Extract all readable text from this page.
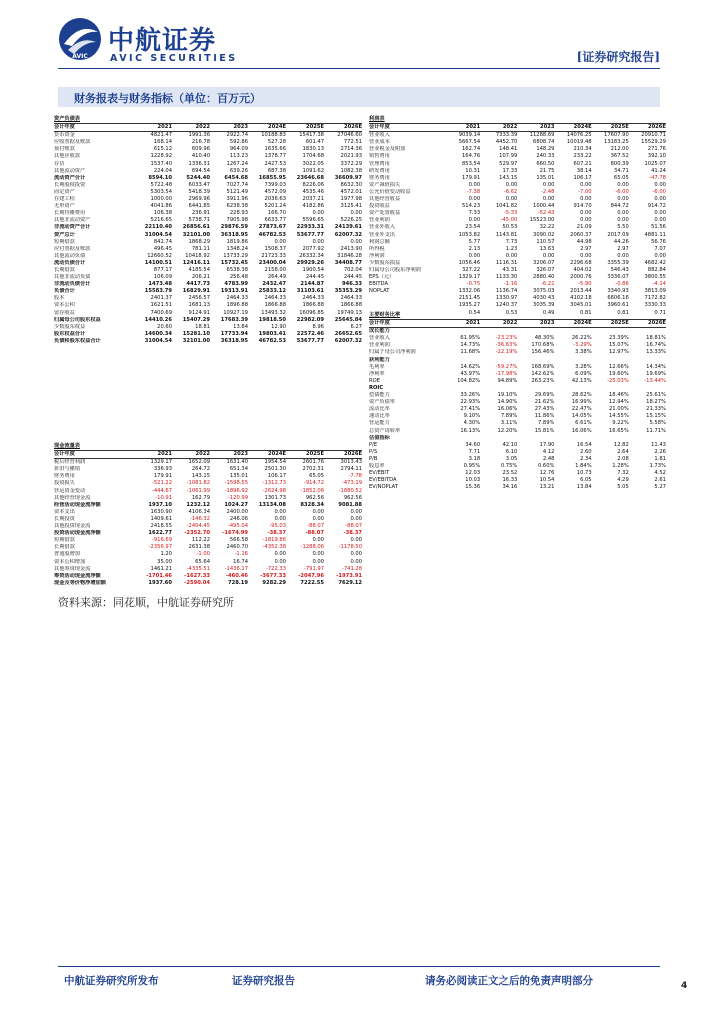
AVIC
中航证券
AVIC SECURITIES	[证券研究报告]
财务报表与财务指标（单位：百万元）
资产负债表
会计年度	2021	2022	2023	2024E	2025E	2026E
货币资金	4821.47	1991.36	2922.74	10188.83	15417.38	27046.60
应收票据及账款	168.14	216.78	592.86	527.28	601.47	772.51
预付账款	615.12	609.96	964.09	1635.66	1830.13	2714.36
其他应收款	1228.92	410.40	113.23	1378.77	1704.68	2021.93
存货	1537.40	1336.31	1267.24	2427.53	3022.05	3372.29
其他流动资产	224.04	694.54	639.26	687.38	1091.62	1082.38
流动资产合计	8594.10	5244.40	6454.68	16855.95	23646.68	36609.97
长期股权投资	5722.48	6033.47	7027.74	7399.03	8226.06	8632.30
固定资产	5303.54	5418.39	5121.49	4572.09	4535.46	4572.01
在建工程	1000.00	2969.96	3911.96	2036.63	2037.21	1977.98
无形资产	4041.86	6441.85	6238.38	5201.24	4182.86	3125.41
长期待摊费用	106.38	236.91	228.93	166.70	0.00	0.00
其他非流动资产	5216.65	5738.71	7905.98	6633.77	5596.65	5226.25
非流动资产合计	22110.40	26856.61	29876.59	27873.67	22933.31	24139.61
资产总计	31004.54	32101.00	36318.95	46782.53	53677.77	62007.32
短期借款	842.74	1868.29	1819.86	0.00	0.00	0.00
应付票据及账款	496.45	781.11	1348.24	1508.37	2077.92	2413.90
其他流动负债	12660.52	10418.92	13733.29	21723.33	26332.34	31846.28
流动负债合计	14100.51	12416.11	15732.45	23400.04	29929.26	34408.77
长期借款	877.17	4185.54	6538.38	2158.00	1900.54	702.04
其他非流动负债	106.09	206.21	256.48	264.49	244.45	244.45
非流动负债合计	1473.48	4417.73	4783.99	2432.47	2144.87	946.33
负债合计	15583.79	16829.91	19313.91	25833.12	31103.61	35353.29
股本	2401.37	2456.57	2464.33	2464.33	2464.33	2464.33
资本公积	1621.51	1681.13	1896.88	1866.88	1866.88	1866.88
留存收益	7400.69	9124.91	10927.19	13493.32	16096.85	19749.13
归属母公司股东权益	14410.26	15407.29	17683.39	19818.50	22982.09	25645.84
少数股东权益	20.60	18.81	13.84	12.90	8.96	6.27
股东权益合计	14600.34	15281.10	17733.94	19803.41	22572.46	26652.65
负债和股东权益合计	31004.54	32101.00	36318.95	46782.53	53677.77	62007.32
现金流量表
会计年度	2021	2022	2023	2024E	2025E	2026E
税后经营利润	1329.17	1652.09	1631.40	1954.54	2601.76	3013.43
折旧与摊销	336.93	264.72	651.34	2501.30	2702.31	2794.11
财务费用	179.91	143.15	135.01	106.17	65.05	-7.78
投资损失	-521.22	-1081.82	-1598.55	-1312.73	-914.72	-473.19
营运资金变动	-444.67	-1061.99	-1896.92	-2624.98	-1852.06	-1880.52
其他经营现金流	-10.91	162.79	-120.99	1301.73	962.56	962.56
经营活动现金流净额	1937.10	1232.12	1024.27	13134.08	8328.34	9081.88
资本支出	1630.90	4106.34	2400.00	0.00	0.00	0.00
长期投资	1409.61	-146.32	246.06	0.00	0.00	0.00
其他投资现金流	2418.55	-2404.45	-495.04	-95.03	-88.07	-88.07
投资活动现金流净额	1622.77	-2352.70	-1674.99	-38.37	-88.07	-38.37
短期借款	-916.69	112.22	566.58	-1819.86	0.00	0.00
长期借款	-2356.97	2631.38	2460.70	-4352.38	-1288.06	-1178.50
普通股增加	1.20	-1.00	-1.16	0.00	0.00	0.00
资本公积增加	35.00	65.64	16.74	0.00	0.00	0.00
其他筹资现金流	1461.21	-4335.51	-1436.17	-722.33	-791.97	-741.28
筹资活动现金流净额	-1701.46	-1627.33	-460.46	-3677.33	-2047.96	-1973.91
现金及等价物净增加额	1937.60	-2590.04	728.19	9282.29	7222.55	7629.12
利润表
会计年度	2021	2022	2023	2024E	2025E	2026E
营业收入	9039.14	7333.39	11288.69	14076.25	17607.90	20910.71
营业成本	5667.54	4452.70	6808.74	10019.48	13183.25	15529.29
营业税金及附加	162.74	148.41	148.29	210.34	212.00	271.76
销售费用	164.76	107.99	240.33	233.22	367.52	392.10
管理费用	853.54	529.97	660.50	607.21	800.39	1025.07
研发费用	10.31	17.33	21.75	38.14	34.71	41.24
财务费用	179.91	143.15	135.01	106.17	65.05	-47.78
资产减值损失	0.00	0.00	0.00	0.00	0.00	0.00
公允价值变动收益	-7.38	-6.62	-2.48	-7.00	-6.00	-6.00
其他经营收益	0.00	0.00	0.00	0.00	0.00	0.00
投资收益	514.23	1041.82	1000.44	914.70	844.72	914.72
资产处置收益	7.33	-5.33	-52.43	0.00	0.00	0.00
营业利润	0.00	-45.00	15523.00	0.00	0.00	0.00
营业外收入	23.54	50.53	32.22	21.09	5.50	51.56
营业外支出	1053.82	1143.81	3090.02	2060.37	2017.09	4881.11
利润总额	5.77	7.73	110.57	44.98	44.26	56.76
所得税	2.13	1.23	13.63	2.97	2.97	7.07
净利润	0.00	0.00	0.00	0.00	0.00	0.00
少数股东损益	1056.46	1116.31	3206.07	2296.68	3355.39	4682.42
归属母公司股东净利润	327.22	43.31	326.07	404.02	546.43	882.84
EPS（元）	1329.17	1133.30	2880.40	2000.76	3336.07	3800.55
EBITDA	-0.75	-1.16	-6.22	-5.90	-0.86	-4.14
NOPLAT	1332.06	1136.74	3075.03	2013.44	3340.93	3813.09
2151.45	1330.97	4030.43	4102.18	6606.16	7172.82
1935.27	1240.37	3035.39	3045.01	3960.61	3330.33
0.54	0.53	0.49	0.81	0.81	0.71
主要财务比率
会计年度	2021	2022	2023	2024E	2025E	2026E
成长能力
营业收入	61.95%	-23.23%	48.30%	26.22%	23.39%	18.81%
营业利润	14.73%	-36.63%	170.68%	-3.29%	15.07%	16.74%
归属于母公司净利润	11.68%	-22.19%	156.46%	3.38%	12.97%	13.33%
获利能力
毛利率	14.62%	-59.27%	168.69%	3.28%	12.66%	14.34%
净利率	43.97%	-17.98%	142.62%	6.09%	19.60%	19.69%
ROE	104.82%	94.89%	263.23%	42.13%	-25.03%	-13.44%
ROIC
偿债能力	33.26%	19.10%	29.69%	28.62%	18.46%	25.61%
资产负债率	22.93%	14.90%	21.62%	16.99%	12.94%	18.27%
流动比率	27.41%	16.06%	27.43%	22.47%	21.00%	21.33%
速动比率	9.10%	7.89%	11.86%	14.05%	14.55%	15.15%
营运能力	4.30%	3.11%	7.89%	6.61%	9.22%	5.58%
总资产周转率	16.13%	12.20%	15.81%	16.06%	16.65%	11.71%
估值指标
P/E	34.60	42.10	17.90	16.54	12.82	11.43
P/S	7.71	6.10	4.12	2.60	2.64	2.26
P/B	3.18	3.05	2.48	2.34	2.08	1.81
股息率	0.95%	0.75%	0.60%	1.84%	1.28%	1.73%
EV/EBIT	12.03	23.52	12.76	10.73	7.32	4.52
EV/EBITDA	10.03	16.33	10.54	6.05	4.29	2.61
EV/NOPLAT	15.36	34.16	13.21	13.84	5.05	5.27
资料来源：同花顺，中航证券研究所
中航证券研究所发布	证券研究报告	请务必阅读正文之后的免责声明部分	4
